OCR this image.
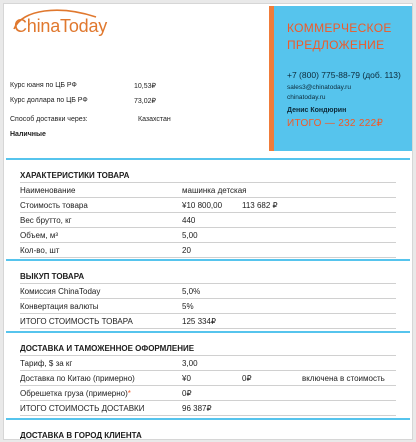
ChinaToday
Курс юаня по ЦБ РФ	10,53₽
Курс доллара по ЦБ РФ	73,02₽
Способ доставки через:	Казахстан
Наличные
КОММЕРЧЕСКОЕ
ПРЕДЛОЖЕНИЕ
+7 (800) 775-88-79 (доб. 113)
sales3@chinatoday.ru
chinatoday.ru
Денис Кондюрин
ИТОГО — 232 222₽
ХАРАКТЕРИСТИКИ ТОВАРА
Наименование	машинка детская
Стоимость товара	¥10 800,00	113 682 ₽
Вес брутто, кг	440
Объем, м³	5,00
Кол-во, шт	20
ВЫКУП ТОВАРА
Комиссия ChinaToday	5,0%
Конвертация валюты	5%
ИТОГО СТОИМОСТЬ ТОВАРА	125 334₽
ДОСТАВКА И ТАМОЖЕННОЕ ОФОРМЛЕНИЕ
Тариф, $ за кг	3,00
Доставка по Китаю (примерно)	¥0	0₽	включена в стоимость
Обрешетка груза (примерно)*	0₽
ИТОГО СТОИМОСТЬ ДОСТАВКИ	96 387₽
ДОСТАВКА В ГОРОД КЛИЕНТА
